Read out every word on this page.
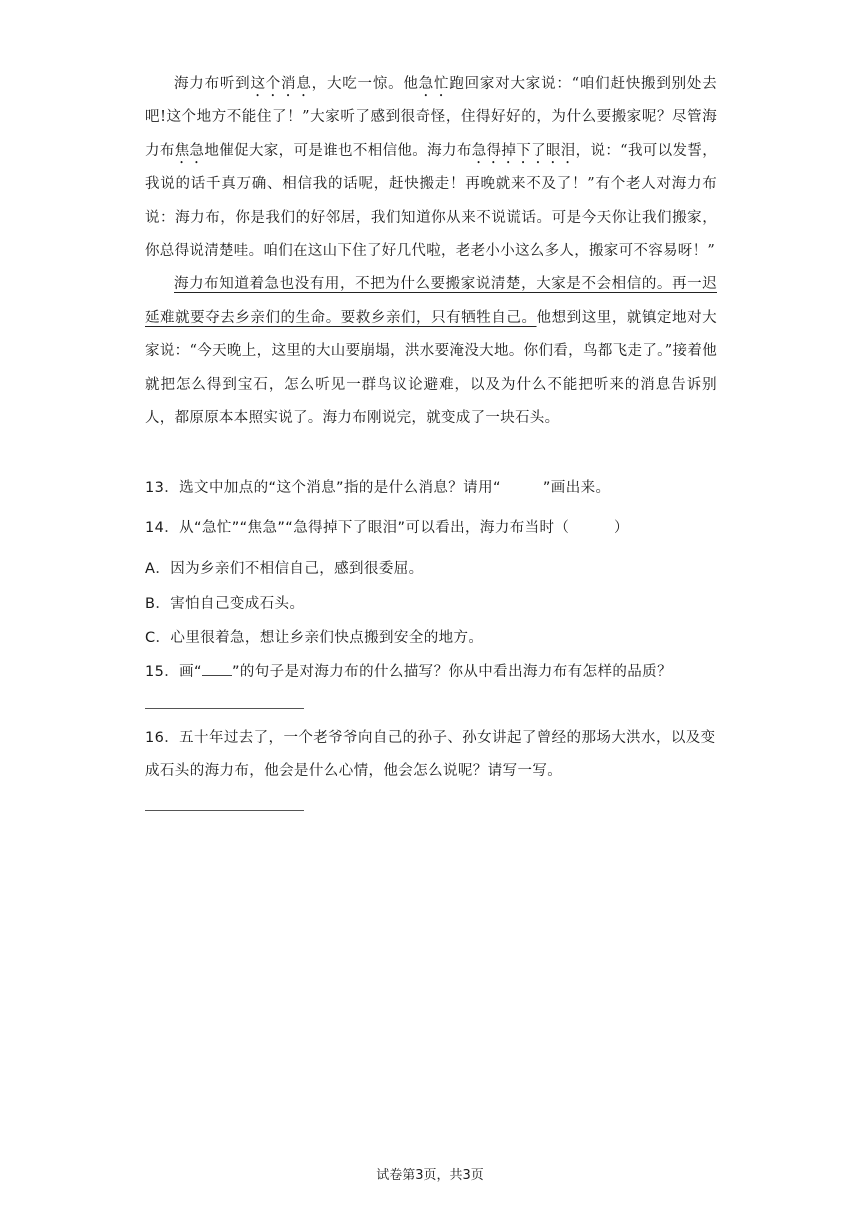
海力布听到这个消息，大吃一惊。他急忙跑回家对大家说：“咱们赶快搬到别处去吧!这个地方不能住了！”大家听了感到很奇怪，住得好好的，为什么要搬家呢？尽管海力布焦急地催促大家，可是谁也不相信他。海力布急得掉下了眼泪，说：“我可以发誓，我说的话千真万确、相信我的话呢，赶快搬走！再晚就来不及了！”有个老人对海力布说：海力布，你是我们的好邻居，我们知道你从来不说谎话。可是今天你让我们搬家，你总得说清楚哇。咱们在这山下住了好几代啦，老老小小这么多人，搬家可不容易呀！”

海力布知道着急也没有用，不把为什么要搬家说清楚，大家是不会相信的。再一迟延难就要夺去乡亲们的生命。要救乡亲们，只有牺牲自己。他想到这里，就镇定地对大家说：“今天晚上，这里的大山要崩塌，洪水要淹没大地。你们看，鸟都飞走了。”接着他就把怎么得到宝石，怎么听见一群鸟议论避难，以及为什么不能把听来的消息告诉别人，都原原本本照实说了。海力布刚说完，就变成了一块石头。

13．选文中加点的“这个消息”指的是什么消息？请用“	”画出来。

14．从“急忙”“焦急”“急得掉下了眼泪”可以看出，海力布当时（　　　）

A．因为乡亲们不相信自己，感到很委屈。

B．害怕自己变成石头。

C．心里很着急，想让乡亲们快点搬到安全的地方。

15．画“ ”的句子是对海力布的什么描写？你从中看出海力布有怎样的品质？

16．五十年过去了，一个老爷爷向自己的孙子、孙女讲起了曾经的那场大洪水，以及变

成石头的海力布，他会是什么心情，他会怎么说呢？请写一写。

试卷第3页，共3页
